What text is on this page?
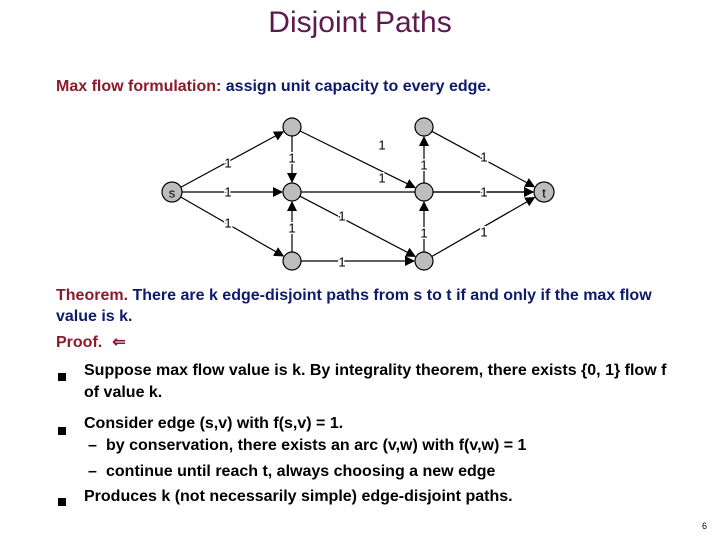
Disjoint Paths
Max flow formulation: assign unit capacity to every edge.
s	t
1
1
1
1
1
1
1
1
1
1
1	1
1
1
Theorem. There are k edge-disjoint paths from s to t if and only if the max flow value is k.
Proof. ⇐
Suppose max flow value is k. By integrality theorem, there exists {0, 1} flow f of value k.
Consider edge (s,v) with f(s,v) = 1.
– by conservation, there exists an arc (v,w) with f(v,w) = 1
– continue until reach t, always choosing a new edge
Produces k (not necessarily simple) edge-disjoint paths.
6
